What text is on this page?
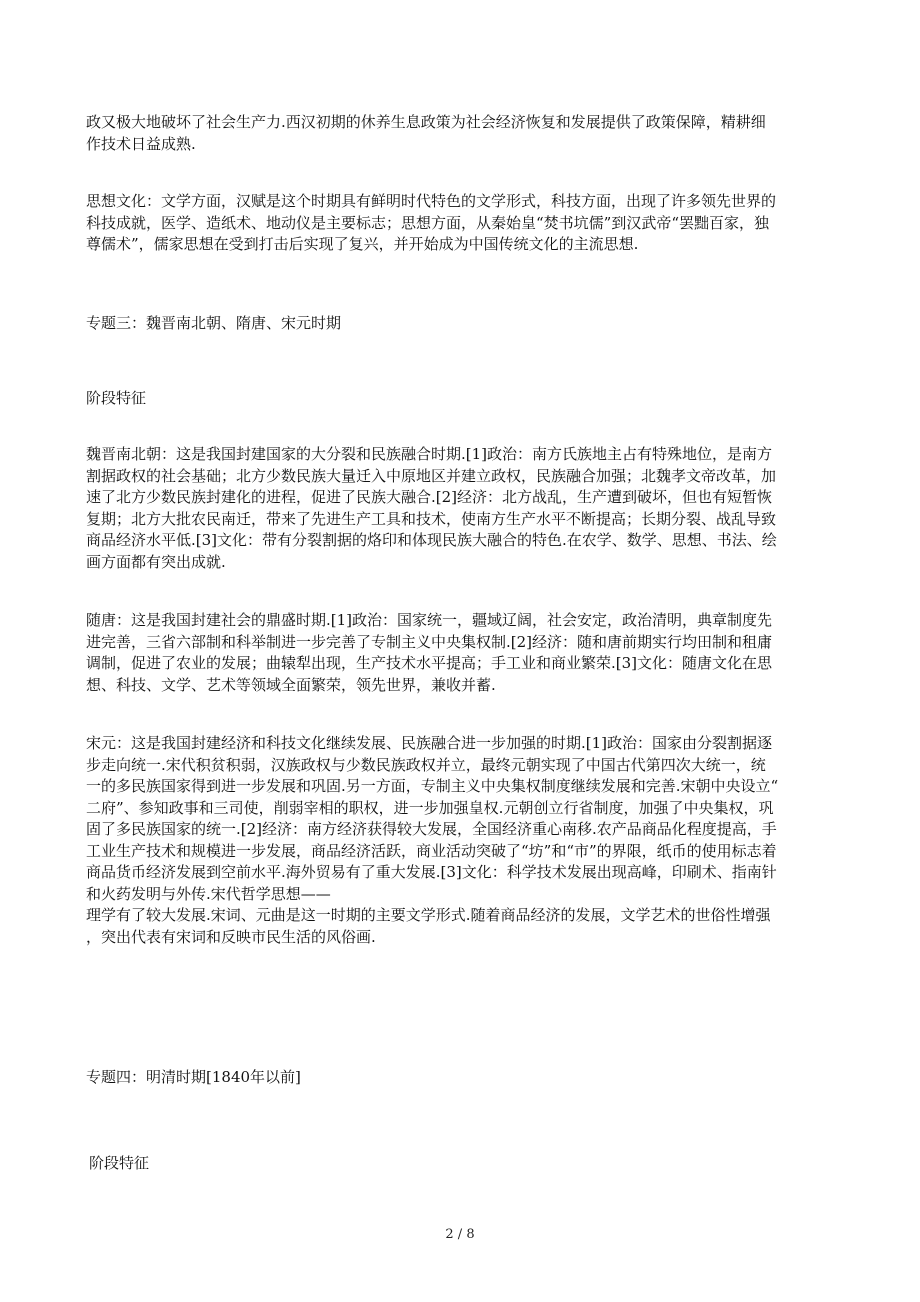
政又极大地破坏了社会生产力.西汉初期的休养生息政策为社会经济恢复和发展提供了政策保障，精耕细
作技术日益成熟.

思想文化：文学方面，汉赋是这个时期具有鲜明时代特色的文学形式，科技方面，出现了许多领先世界的
科技成就，医学、造纸术、地动仪是主要标志；思想方面，从秦始皇“焚书坑儒”到汉武帝“罢黜百家，独
尊儒术”，儒家思想在受到打击后实现了复兴，并开始成为中国传统文化的主流思想.

专题三：魏晋南北朝、隋唐、宋元时期
阶段特征

魏晋南北朝：这是我国封建国家的大分裂和民族融合时期.[1]政治：南方氏族地主占有特殊地位，是南方
割据政权的社会基础；北方少数民族大量迁入中原地区并建立政权，民族融合加强；北魏孝文帝改革，加
速了北方少数民族封建化的进程，促进了民族大融合.[2]经济：北方战乱，生产遭到破坏，但也有短暂恢
复期；北方大批农民南迁，带来了先进生产工具和技术，使南方生产水平不断提高；长期分裂、战乱导致
商品经济水平低.[3]文化：带有分裂割据的烙印和体现民族大融合的特色.在农学、数学、思想、书法、绘
画方面都有突出成就.

随唐：这是我国封建社会的鼎盛时期.[1]政治：国家统一，疆域辽阔，社会安定，政治清明，典章制度先
进完善，三省六部制和科举制进一步完善了专制主义中央集权制.[2]经济：随和唐前期实行均田制和租庸
调制，促进了农业的发展；曲辕犁出现，生产技术水平提高；手工业和商业繁荣.[3]文化：随唐文化在思
想、科技、文学、艺术等领域全面繁荣，领先世界，兼收并蓄.

宋元：这是我国封建经济和科技文化继续发展、民族融合进一步加强的时期.[1]政治：国家由分裂割据逐
步走向统一.宋代积贫积弱，汉族政权与少数民族政权并立，最终元朝实现了中国古代第四次大统一，统
一的多民族国家得到进一步发展和巩固.另一方面，专制主义中央集权制度继续发展和完善.宋朝中央设立“
二府”、参知政事和三司使，削弱宰相的职权，进一步加强皇权.元朝创立行省制度，加强了中央集权，巩
固了多民族国家的统一.[2]经济：南方经济获得较大发展，全国经济重心南移.农产品商品化程度提高，手
工业生产技术和规模进一步发展，商品经济活跃，商业活动突破了“坊”和“市”的界限，纸币的使用标志着
商品货币经济发展到空前水平.海外贸易有了重大发展.[3]文化：科学技术发展出现高峰，印刷术、指南针
和火药发明与外传.宋代哲学思想——
理学有了较大发展.宋词、元曲是这一时期的主要文学形式.随着商品经济的发展，文学艺术的世俗性增强
，突出代表有宋词和反映市民生活的风俗画.

专题四：明清时期[1840年以前]
阶段特征
2 / 8
